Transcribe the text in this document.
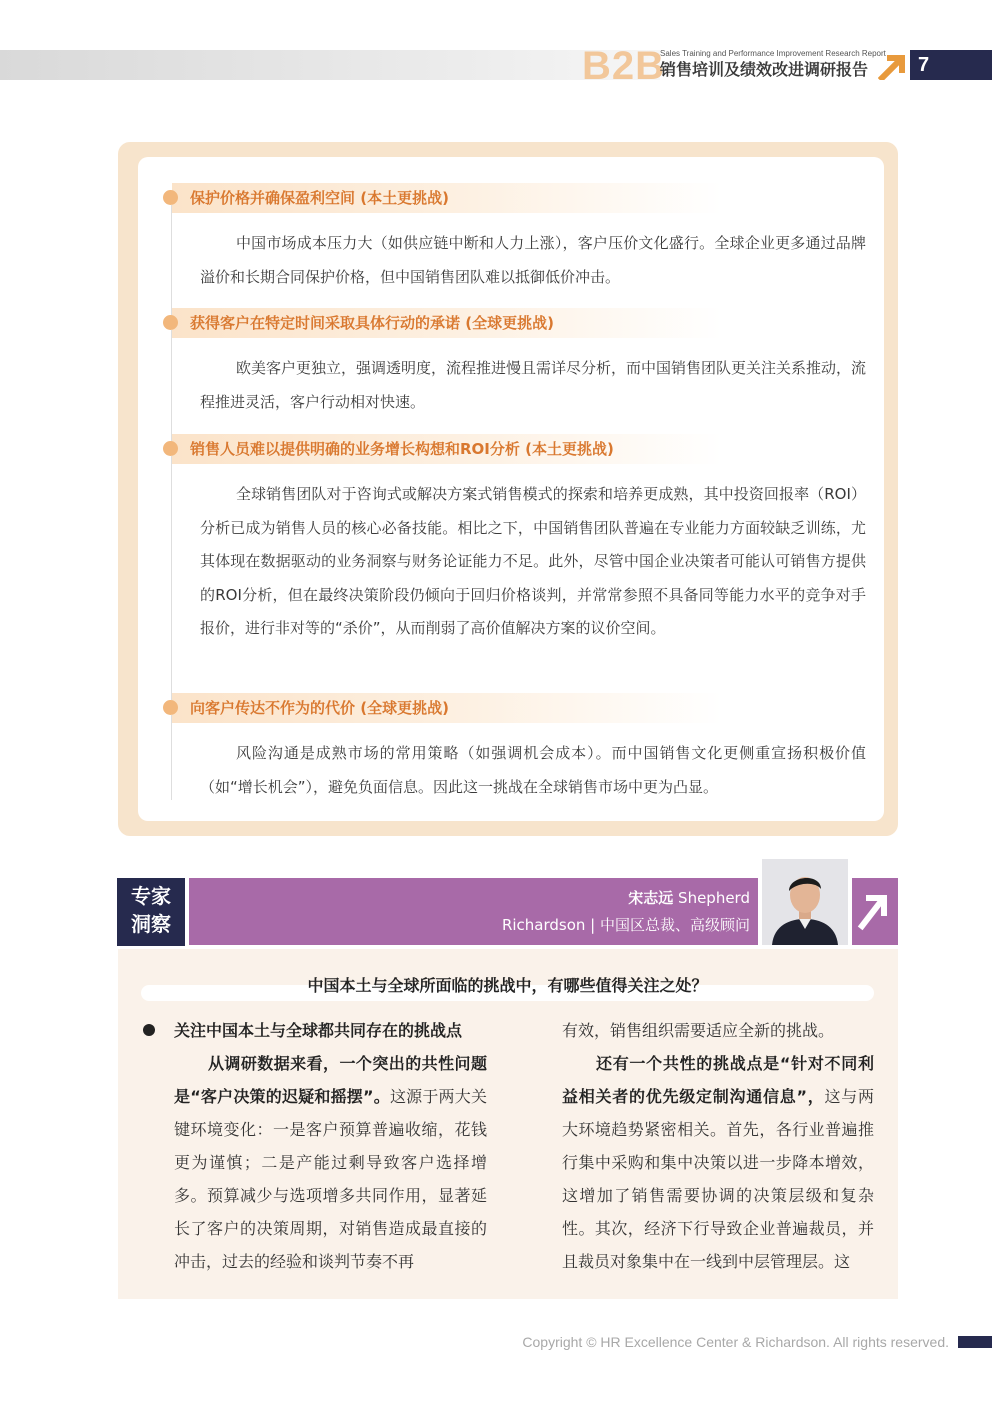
B2B
Sales Training and Performance Improvement Research Report
销售培训及绩效改进调研报告 7
保护价格并确保盈利空间 (本土更挑战)

中国市场成本压力大（如供应链中断和人力上涨），客户压价文化盛行。全球企业更多通过品牌溢价和长期合同保护价格，但中国销售团队难以抵御低价冲击。

获得客户在特定时间采取具体行动的承诺 (全球更挑战)

欧美客户更独立，强调透明度，流程推进慢且需详尽分析，而中国销售团队更关注关系推动，流程推进灵活，客户行动相对快速。

销售人员难以提供明确的业务增长构想和ROI分析 (本土更挑战)

全球销售团队对于咨询式或解决方案式销售模式的探索和培养更成熟，其中投资回报率（ROI）分析已成为销售人员的核心必备技能。相比之下，中国销售团队普遍在专业能力方面较缺乏训练，尤其体现在数据驱动的业务洞察与财务论证能力不足。此外，尽管中国企业决策者可能认可销售方提供的ROI分析，但在最终决策阶段仍倾向于回归价格谈判，并常常参照不具备同等能力水平的竞争对手报价，进行非对等的“杀价”，从而削弱了高价值解决方案的议价空间。

向客户传达不作为的代价 (全球更挑战)

风险沟通是成熟市场的常用策略（如强调机会成本）。而中国销售文化更侧重宣扬积极价值（如“增长机会”），避免负面信息。因此这一挑战在全球销售市场中更为凸显。

专家
洞察
宋志远 Shepherd
Richardson | 中国区总裁、高级顾问
中国本土与全球所面临的挑战中，有哪些值得关注之处？

关注中国本土与全球都共同存在的挑战点

从调研数据来看，一个突出的共性问题是“客户决策的迟疑和摇摆”。这源于两大关键环境变化：一是客户预算普遍收缩，花钱更为谨慎；二是产能过剩导致客户选择增多。预算减少与选项增多共同作用，显著延长了客户的决策周期，对销售造成最直接的冲击，过去的经验和谈判节奏不再

有效，销售组织需要适应全新的挑战。

还有一个共性的挑战点是“针对不同利益相关者的优先级定制沟通信息”，这与两大环境趋势紧密相关。首先，各行业普遍推行集中采购和集中决策以进一步降本增效，这增加了销售需要协调的决策层级和复杂性。其次，经济下行导致企业普遍裁员，并且裁员对象集中在一线到中层管理层。这

Copyright © HR Excellence Center & Richardson. All rights reserved.
